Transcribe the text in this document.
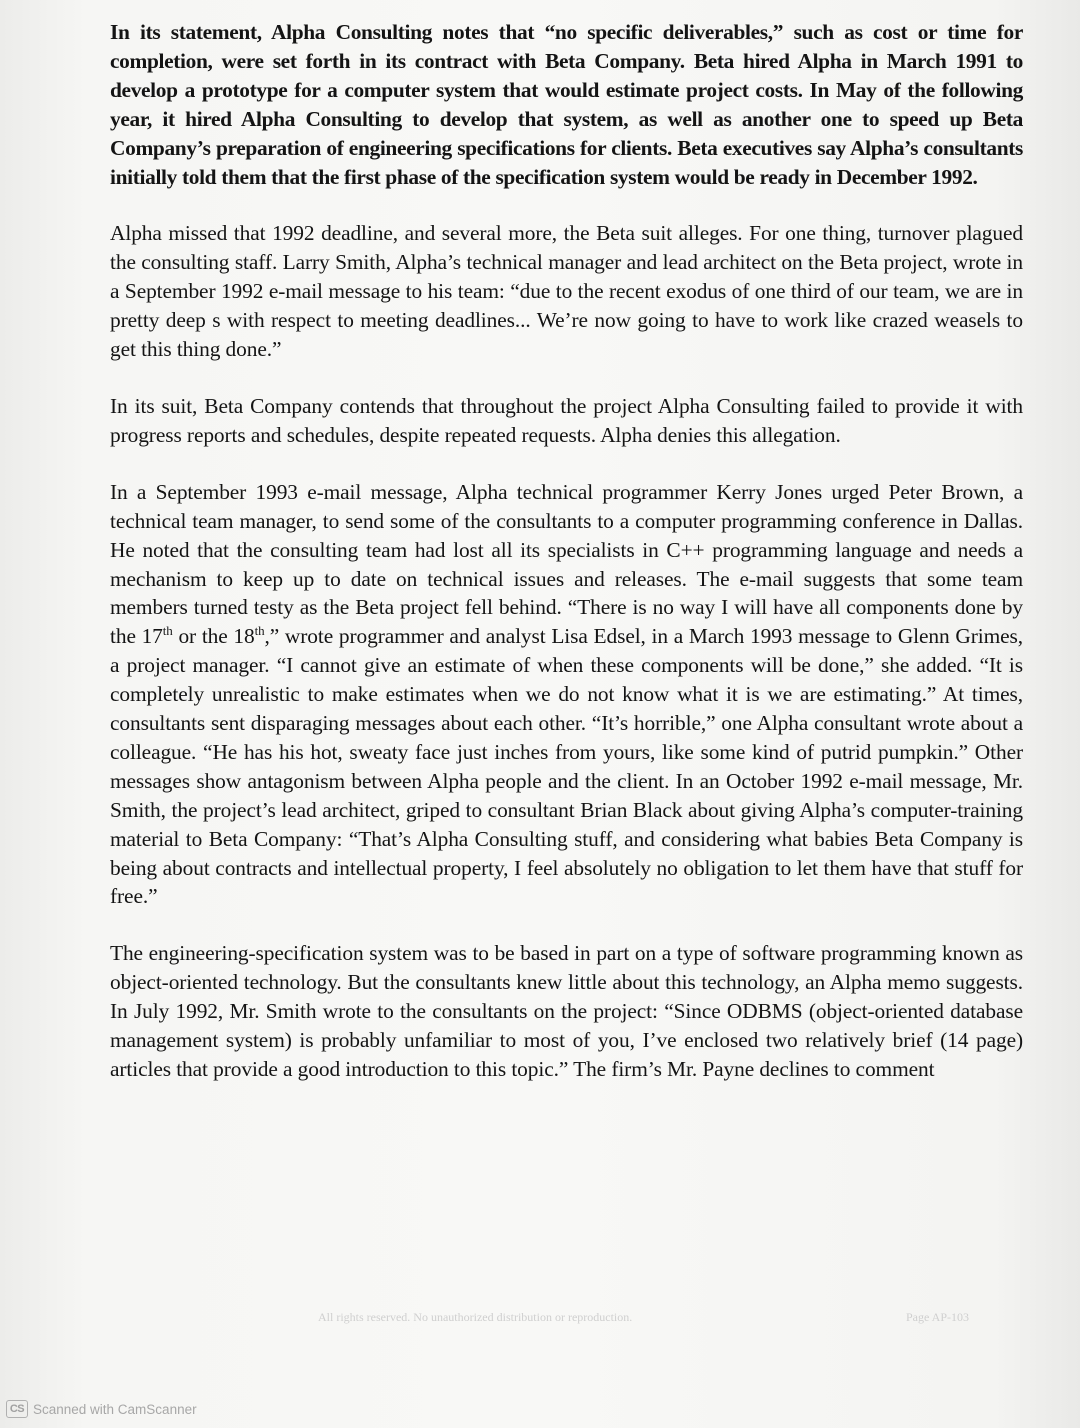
In its statement, Alpha Consulting notes that “no specific deliverables,” such as cost or time for completion, were set forth in its contract with Beta Company. Beta hired Alpha in March 1991 to develop a prototype for a computer system that would estimate project costs. In May of the following year, it hired Alpha Consulting to develop that system, as well as another one to speed up Beta Company’s preparation of engineering specifications for clients. Beta executives say Alpha’s consultants initially told them that the first phase of the specification system would be ready in December 1992.

Alpha missed that 1992 deadline, and several more, the Beta suit alleges. For one thing, turnover plagued the consulting staff. Larry Smith, Alpha’s technical manager and lead architect on the Beta project, wrote in a September 1992 e-mail message to his team: “due to the recent exodus of one third of our team, we are in pretty deep s with respect to meeting deadlines... We’re now going to have to work like crazed weasels to get this thing done.”

In its suit, Beta Company contends that throughout the project Alpha Consulting failed to provide it with progress reports and schedules, despite repeated requests. Alpha denies this allegation.

In a September 1993 e-mail message, Alpha technical programmer Kerry Jones urged Peter Brown, a technical team manager, to send some of the consultants to a computer programming conference in Dallas. He noted that the consulting team had lost all its specialists in C++ programming language and needs a mechanism to keep up to date on technical issues and releases. The e-mail suggests that some team members turned testy as the Beta project fell behind. “There is no way I will have all components done by the 17th or the 18th,” wrote programmer and analyst Lisa Edsel, in a March 1993 message to Glenn Grimes, a project manager. “I cannot give an estimate of when these components will be done,” she added. “It is completely unrealistic to make estimates when we do not know what it is we are estimating.” At times, consultants sent disparaging messages about each other. “It’s horrible,” one Alpha consultant wrote about a colleague. “He has his hot, sweaty face just inches from yours, like some kind of putrid pumpkin.” Other messages show antagonism between Alpha people and the client. In an October 1992 e-mail message, Mr. Smith, the project’s lead architect, griped to consultant Brian Black about giving Alpha’s computer-training material to Beta Company: “That’s Alpha Consulting stuff, and considering what babies Beta Company is being about contracts and intellectual property, I feel absolutely no obligation to let them have that stuff for free.”

The engineering-specification system was to be based in part on a type of software programming known as object-oriented technology. But the consultants knew little about this technology, an Alpha memo suggests. In July 1992, Mr. Smith wrote to the consultants on the project: “Since ODBMS (object-oriented database management system) is probably unfamiliar to most of you, I’ve enclosed two relatively brief (14 page) articles that provide a good introduction to this topic.” The firm’s Mr. Payne declines to comment

All rights reserved. No unauthorized distribution or reproduction.	Page AP-103
CS Scanned with CamScanner
